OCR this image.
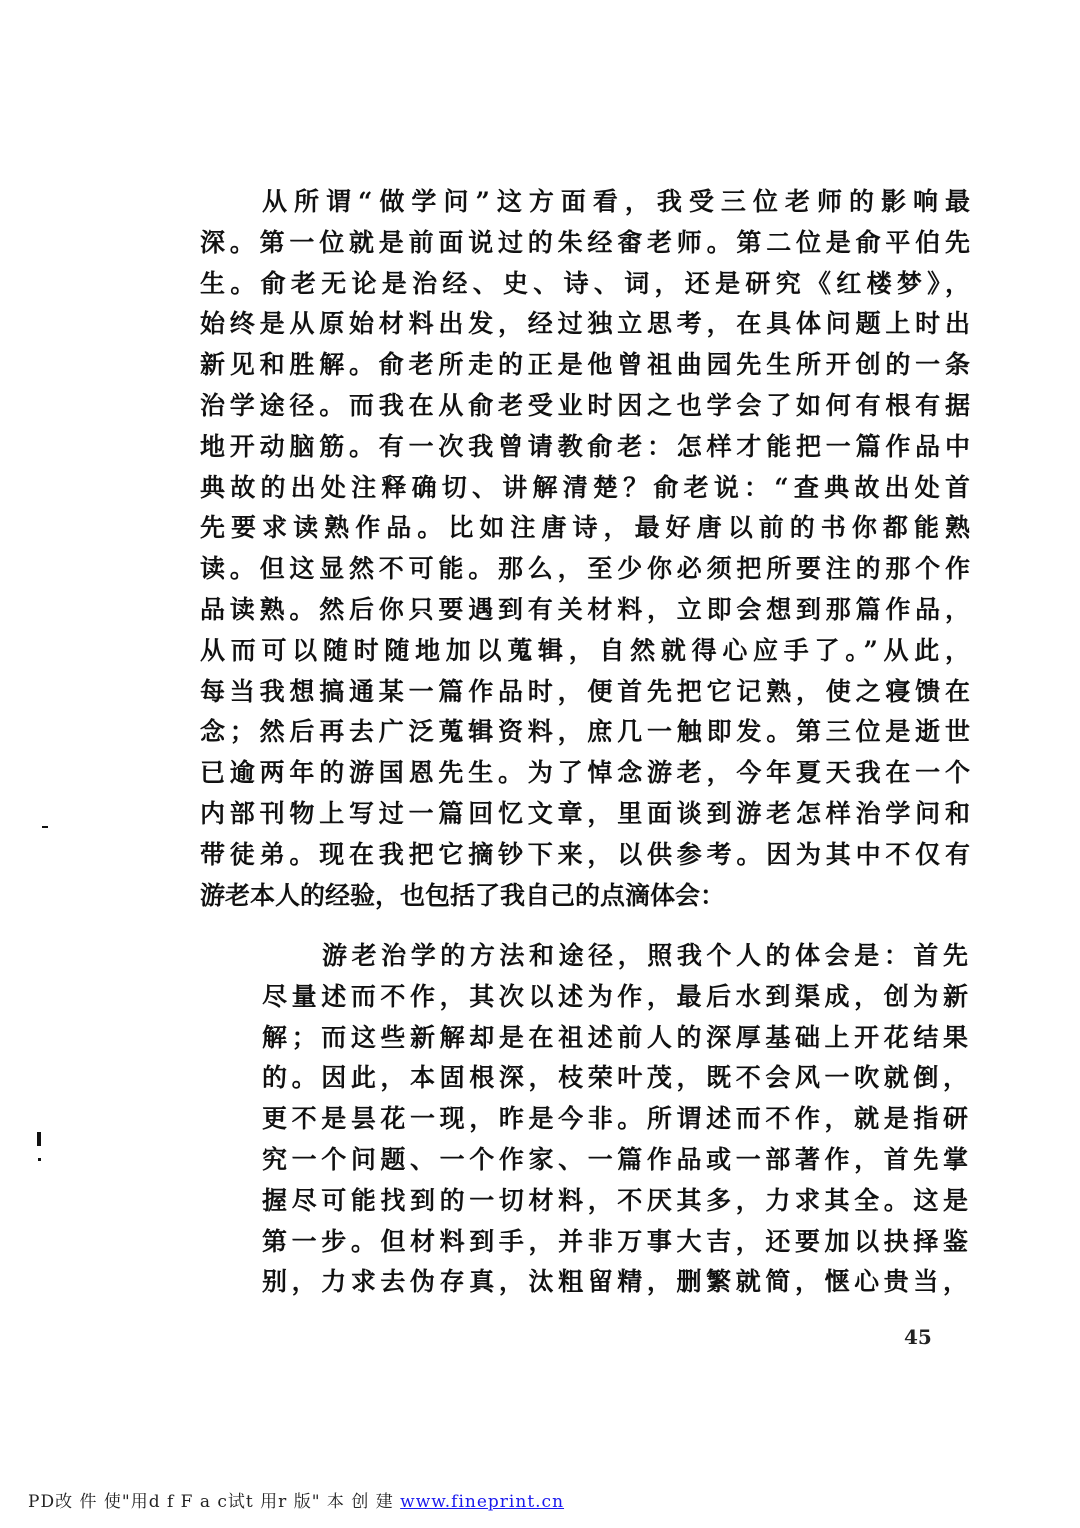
从所谓“做学问”这方面看，我受三位老师的影响最
深。第一位就是前面说过的朱经畬老师。第二位是俞平伯先
生。俞老无论是治经、史、诗、词，还是研究《红楼梦》，
始终是从原始材料出发，经过独立思考，在具体问题上时出
新见和胜解。俞老所走的正是他曾祖曲园先生所开创的一条
治学途径。而我在从俞老受业时因之也学会了如何有根有据
地开动脑筋。有一次我曾请教俞老：怎样才能把一篇作品中
典故的出处注释确切、讲解清楚？俞老说：“查典故出处首
先要求读熟作品。比如注唐诗，最好唐以前的书你都能熟
读。但这显然不可能。那么，至少你必须把所要注的那个作
品读熟。然后你只要遇到有关材料，立即会想到那篇作品，
从而可以随时随地加以蒐辑，自然就得心应手了。”从此，
每当我想搞通某一篇作品时，便首先把它记熟，使之寝馈在
念；然后再去广泛蒐辑资料，庶几一触即发。第三位是逝世
已逾两年的游国恩先生。为了悼念游老，今年夏天我在一个
内部刊物上写过一篇回忆文章，里面谈到游老怎样治学问和
带徒弟。现在我把它摘钞下来，以供参考。因为其中不仅有
游老本人的经验，也包括了我自己的点滴体会：
游老治学的方法和途径，照我个人的体会是：首先
尽量述而不作，其次以述为作，最后水到渠成，创为新
解；而这些新解却是在祖述前人的深厚基础上开花结果
的。因此，本固根深，枝荣叶茂，既不会风一吹就倒，
更不是昙花一现，昨是今非。所谓述而不作，就是指研
究一个问题、一个作家、一篇作品或一部著作，首先掌
握尽可能找到的一切材料，不厌其多，力求其全。这是
第一步。但材料到手，并非万事大吉，还要加以抉择鉴
别，力求去伪存真，汰粗留精，删繁就简，惬心贵当，
45
PD改 件 使"用d f F a c试t 用r 版" 本 创 建 www.fineprint.cn
